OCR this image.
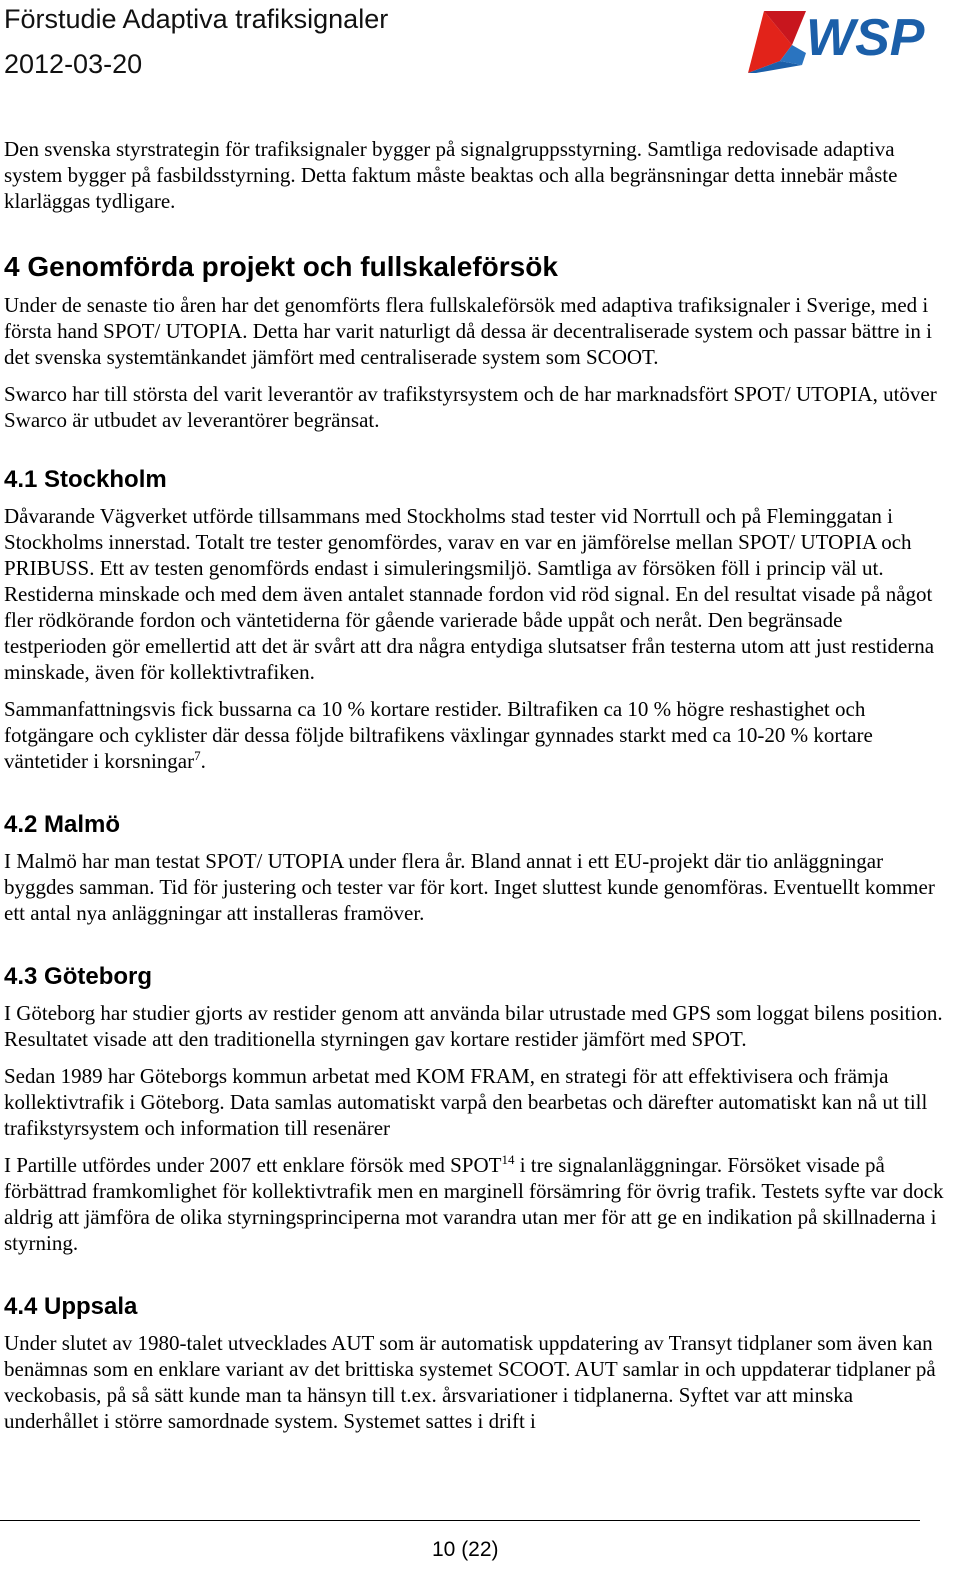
Förstudie Adaptiva trafiksignaler
2012-03-20	WSP

Den svenska styrstrategin för trafiksignaler bygger på signalgruppsstyrning. Samtliga redovisade adaptiva system bygger på fasbildsstyrning. Detta faktum måste beaktas och alla begränsningar detta innebär måste klarläggas tydligare.

4 Genomförda projekt och fullskaleförsök

Under de senaste tio åren har det genomförts flera fullskaleförsök med adaptiva trafiksignaler i Sverige, med i första hand SPOT/ UTOPIA. Detta har varit naturligt då dessa är decentraliserade system och passar bättre in i det svenska systemtänkandet jämfört med centraliserade system som SCOOT.

Swarco har till största del varit leverantör av trafikstyrsystem och de har marknadsfört SPOT/ UTOPIA, utöver Swarco är utbudet av leverantörer begränsat.

4.1 Stockholm

Dåvarande Vägverket utförde tillsammans med Stockholms stad tester vid Norrtull och på Fleminggatan i Stockholms innerstad. Totalt tre tester genomfördes, varav en var en jämförelse mellan SPOT/ UTOPIA och PRIBUSS. Ett av testen genomförds endast i simuleringsmiljö. Samtliga av försöken föll i princip väl ut. Restiderna minskade och med dem även antalet stannade fordon vid röd signal. En del resultat visade på något fler rödkörande fordon och väntetiderna för gående varierade både uppåt och neråt. Den begränsade testperioden gör emellertid att det är svårt att dra några entydiga slutsatser från testerna utom att just restiderna minskade, även för kollektivtrafiken.

Sammanfattningsvis fick bussarna ca 10 % kortare restider. Biltrafiken ca 10 % högre reshastighet och fotgängare och cyklister där dessa följde biltrafikens växlingar gynnades starkt med ca 10-20 % kortare väntetider i korsningar$^7$.

4.2 Malmö

I Malmö har man testat SPOT/ UTOPIA under flera år. Bland annat i ett EU-projekt där tio anläggningar byggdes samman. Tid för justering och tester var för kort. Inget sluttest kunde genomföras. Eventuellt kommer ett antal nya anläggningar att installeras framöver.

4.3 Göteborg

I Göteborg har studier gjorts av restider genom att använda bilar utrustade med GPS som loggat bilens position. Resultatet visade att den traditionella styrningen gav kortare restider jämfört med SPOT.

Sedan 1989 har Göteborgs kommun arbetat med KOM FRAM, en strategi för att effektivisera och främja kollektivtrafik i Göteborg. Data samlas automatiskt varpå den bearbetas och därefter automatiskt kan nå ut till trafikstyrsystem och information till resenärer

I Partille utfördes under 2007 ett enklare försök med SPOT$^{14}$ i tre signalanläggningar. Försöket visade på förbättrad framkomlighet för kollektivtrafik men en marginell försämring för övrig trafik. Testets syfte var dock aldrig att jämföra de olika styrningsprinciperna mot varandra utan mer för att ge en indikation på skillnaderna i styrning.

4.4 Uppsala

Under slutet av 1980-talet utvecklades AUT som är automatisk uppdatering av Transyt tidplaner som även kan benämnas som en enklare variant av det brittiska systemet SCOOT. AUT samlar in och uppdaterar tidplaner på veckobasis, på så sätt kunde man ta hänsyn till t.ex. årsvariationer i tidplanerna. Syftet var att minska underhållet i större samordnade system. Systemet sattes i drift i

10 (22)
